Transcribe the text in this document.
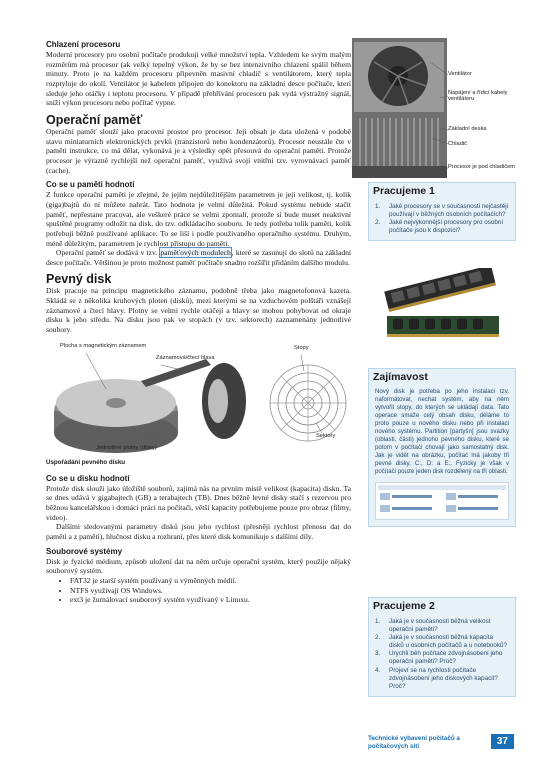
Ventilátor
Napájení a řídicí kabely ventilátoru
Základní deska
Chladič
Procesor je pod chladičem

Chlazení procesoru

Moderní procesory pro osobní počítače produkují velké množství tepla. Vzhledem ke svým malým rozměrům má procesor (ak velký tepelný výkon, že by se bez intenzivního chlazení spálil během minuty. Proto je na každém procesoru připevněn masivní chladič s ventilátorem, který tepla rozptyluje do okolí. Ventilátor je kabelem připojen do konektoru na základní desce počítače, kterí sleduje jeho otáčky i teplotu procesoru. V případě přehřívání procesoru pak vydá výstražný signál, sníží výkon procesoru nebo počítač vypne.

Operační paměť

Operační paměť slouží jako pracovní prostor pro procesor. Její obsah je data uložená v podobě stavu miniaturních elektronických prvků (tranzistorů nebo kondenzátorů). Procesor neustále čte v paměti instrukce, co má dělat, vykonává je a výsledky opět přesouvá do operační paměti. Protože procesor je výrazně rychlejší než operační paměť, využívá svojí vnitřní tzv. vyrovnávací paměť (cache).

Co se u paměti hodnotí

Z funkce operační paměti je zřejmé, že jejím nejdůležitějším parametrem je její velikost, tj. kolik (giga)bajtů do ní můžete nahrát. Tato hodnota je velmi důležitá. Pokud systému nebude stačit paměť, nepřestane pracovat, ale veškeré práce se velmi zpomalí, protože si bude muset neaktivní spuštěné programy odložit na disk, do tzv. odkládacího souboru. Je tedy potřeba tolik paměti, kolik potřebují běžně používané aplikace. To se liší i podle používaného operačního systému. Druhým, méně důležitým, parametrem je rychlost přístupu do paměti.

Operační paměť se dodává v tzv. paměťových modulech, které se zasunují do slotů na základní desce počítače. Většinou je proto možnost paměť počítače snadno rozšířit přidáním dalšího modulu.

Pevný disk

Disk pracuje na principu magnetického záznamu, podobně třeba jako magnetofonová kazeta. Skládá se z několika kruhových ploten (disků), mezi kterými se na vzduchovém polštáři vznášejí záznamové a čtecí hlavy. Plotny se velmi rychle otáčejí a hlavy se mohou pohybovat od okraje disku k jeho středu. Na disku jsou pak ve stopách (v tzv. sektorech) zaznamenány jednotlivé soubory.

Plocha s magnetickým záznamem
Záznamová/čtecí hlava
Stopy
Sektory
Jednotlivé plotny (disky)

Uspořádání pevného disku

Co se u disku hodnotí

Protože disk slouží jako úložiště souborů, zajímá nás na prvním místě velikost (kapacita) disku. Ta se dnes udává v gigabajtech (GB) a terabajtech (TB). Dnes běžně levné disky stačí s rezervou pro běžnou kancelářskou i domácí práci na počítači, větší kapacity potřebujeme pouze pro obraz (filmy, video).

Dalšími sledovanými parametry disků jsou jeho rychlost (přesněji rychlost přenosu dat do paměti a z paměti), hlučnost disku a rozhraní, přes které disk komunikuje s dalšími díly.

Souborové systémy

Disk je fyzické médium, způsob uložení dat na něm určuje operační systém, který použije nějaký souborový systém.

• FAT32 je starší systém používaný u výměnných médií.
• NTFS využívají OS Windows.
• ext3 je žurnálovací souborový systém využívaný v Linuxu.
Pracujeme 1
1. Jaké procesory se v současnosti nejčastěji používají v běžných osobních počítačích?
2. Jaké nejvýkonnější procesory pro osobní počítače jsou k dispozici?
Zajímavost
Nový disk je potřeba po jeho instalaci tzv. naformátovat, nechat systém, aby na něm vytvořil stopy, do kterých se ukládají data. Tato operace smaže celý obsah disku, děláme to proto pouze u nového disku nebo při instalaci nového systému. Partition [partyšn] jsou svazky (oblasti, části) jednoho pevného disku, které se potom v počítači chovají jako samostatný disk. Jak je vidět na obrázku, počítač má jakoby tři pevné disky, C:, D: a E:. Fyzicky je však v počítači pouze jeden disk rozdělený na tři oblasti.
Pracujeme 2
1. Jaká je v současnosti běžná velikost operační paměti?
2. Jaká je v současnosti běžná kapacita disků u osobních počítačů a u notebooků?
3. Urychlí běh počítače zdvojnásobení jeho operační paměti? Proč?
4. Projeví se na rychlosti počítače zdvojnásobení jeho diskových kapacit? Proč?
Technické vybavení počítačů a počítačových sítí	37
